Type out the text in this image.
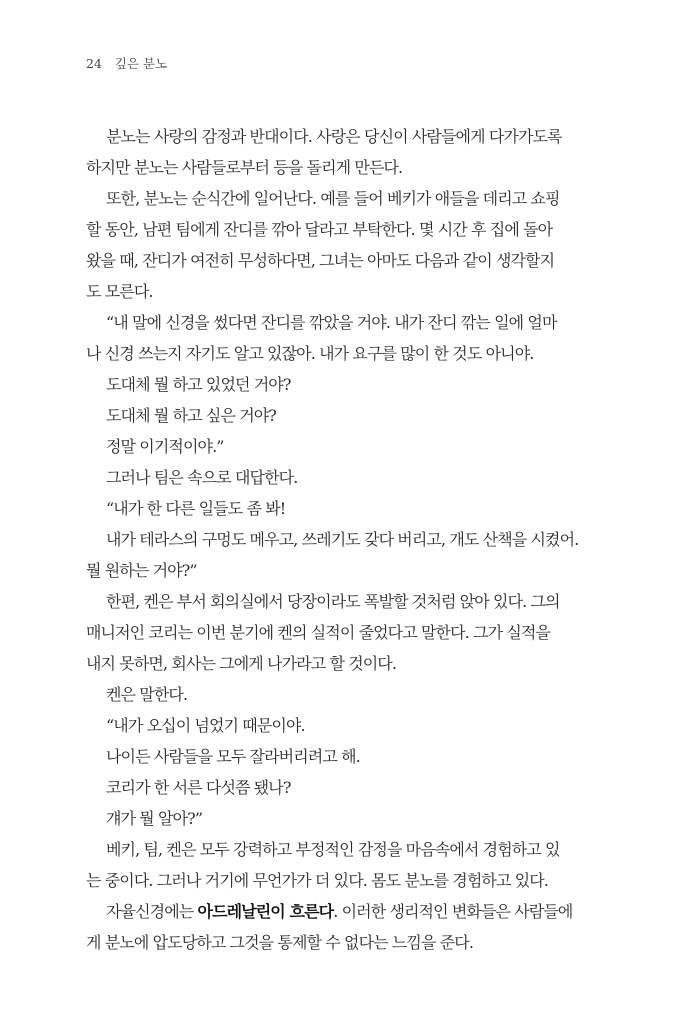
24 깊은 분노

분노는 사랑의 감정과 반대이다. 사랑은 당신이 사람들에게 다가가도록
하지만 분노는 사람들로부터 등을 돌리게 만든다.

또한, 분노는 순식간에 일어난다. 예를 들어 베키가 애들을 데리고 쇼핑
할 동안, 남편 팀에게 잔디를 깎아 달라고 부탁한다. 몇 시간 후 집에 돌아
왔을 때, 잔디가 여전히 무성하다면, 그녀는 아마도 다음과 같이 생각할지
도 모른다.

“내 말에 신경을 썼다면 잔디를 깎았을 거야. 내가 잔디 깎는 일에 얼마
나 신경 쓰는지 자기도 알고 있잖아. 내가 요구를 많이 한 것도 아니야.

도대체 뭘 하고 있었던 거야?

도대체 뭘 하고 싶은 거야?

정말 이기적이야.”

그러나 팀은 속으로 대답한다.

“내가 한 다른 일들도 좀 봐!

내가 테라스의 구멍도 메우고, 쓰레기도 갖다 버리고, 개도 산책을 시켰어.
뭘 원하는 거야?”

한편, 켄은 부서 회의실에서 당장이라도 폭발할 것처럼 앉아 있다. 그의
매니저인 코리는 이번 분기에 켄의 실적이 줄었다고 말한다. 그가 실적을
내지 못하면, 회사는 그에게 나가라고 할 것이다.

켄은 말한다.

“내가 오십이 넘었기 때문이야.

나이든 사람들을 모두 잘라버리려고 해.

코리가 한 서른 다섯쯤 됐나?

걔가 뭘 알아?”

베키, 팀, 켄은 모두 강력하고 부정적인 감정을 마음속에서 경험하고 있
는 중이다. 그러나 거기에 무언가가 더 있다. 몸도 분노를 경험하고 있다.

자율신경에는 아드레날린이 흐른다. 이러한 생리적인 변화들은 사람들에
게 분노에 압도당하고 그것을 통제할 수 없다는 느낌을 준다.
